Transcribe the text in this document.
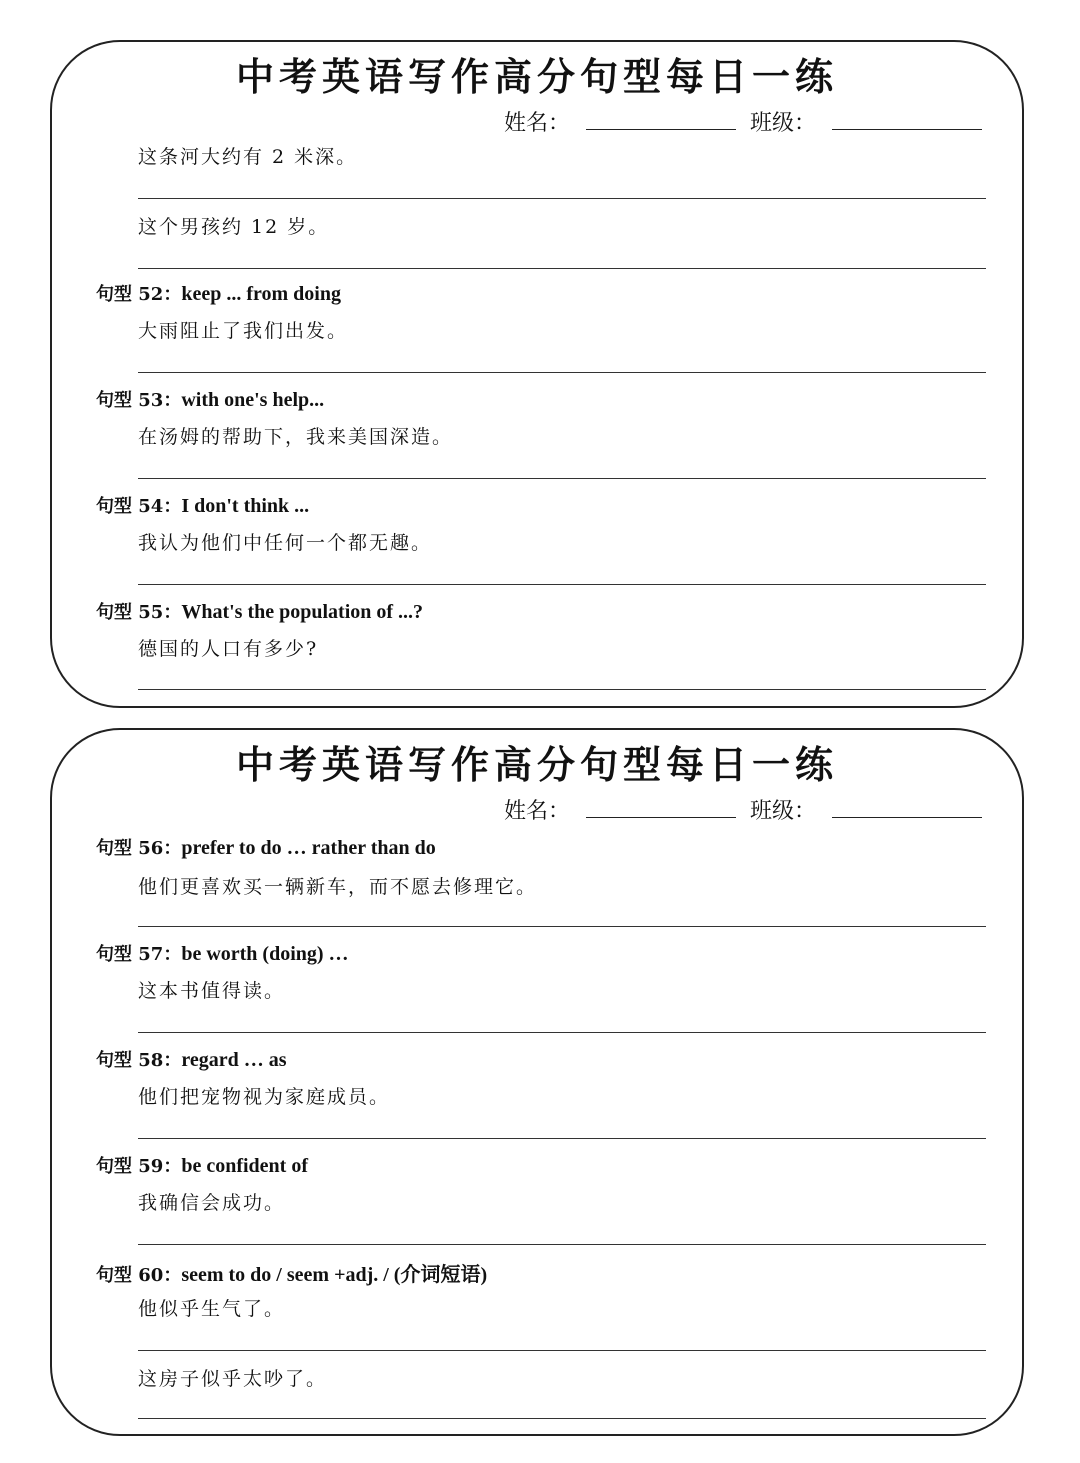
中考英语写作高分句型每日一练
姓名：	班级：
这条河大约有 2 米深。
这个男孩约 12 岁。
句型 52：keep ... from doing
大雨阻止了我们出发。
句型 53：with one's help...
在汤姆的帮助下，我来美国深造。
句型 54：I don't think ...
我认为他们中任何一个都无趣。
句型 55：What's the population of ...?
德国的人口有多少?
中考英语写作高分句型每日一练
姓名：	班级：
句型 56：prefer to do … rather than do
他们更喜欢买一辆新车，而不愿去修理它。
句型 57：be worth (doing) …
这本书值得读。
句型 58：regard … as
他们把宠物视为家庭成员。
句型 59：be confident of
我确信会成功。
句型 60：seem to do / seem +adj. / (介词短语)
他似乎生气了。
这房子似乎太吵了。
